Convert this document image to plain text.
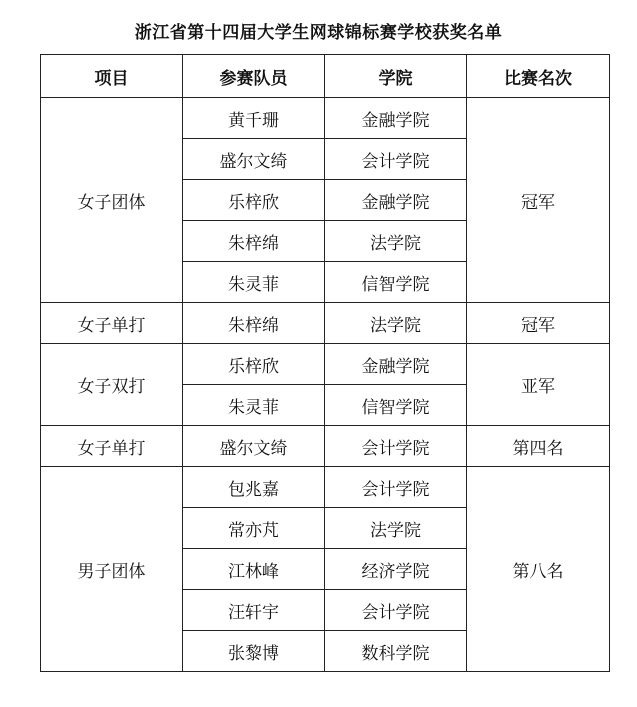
浙江省第十四届大学生网球锦标赛学校获奖名单
项目	参赛队员	学院	比赛名次
女子团体	黄千珊	金融学院	冠军
	盛尔文绮	会计学院	
	乐梓欣	金融学院	
	朱梓绵	法学院	
	朱灵菲	信智学院	
女子单打	朱梓绵	法学院	冠军
女子双打	乐梓欣	金融学院	亚军
	朱灵菲	信智学院	
女子单打	盛尔文绮	会计学院	第四名
男子团体	包兆嘉	会计学院	第八名
	常亦芃	法学院	
	江林峰	经济学院	
	汪轩宇	会计学院	
	张黎博	数科学院	
